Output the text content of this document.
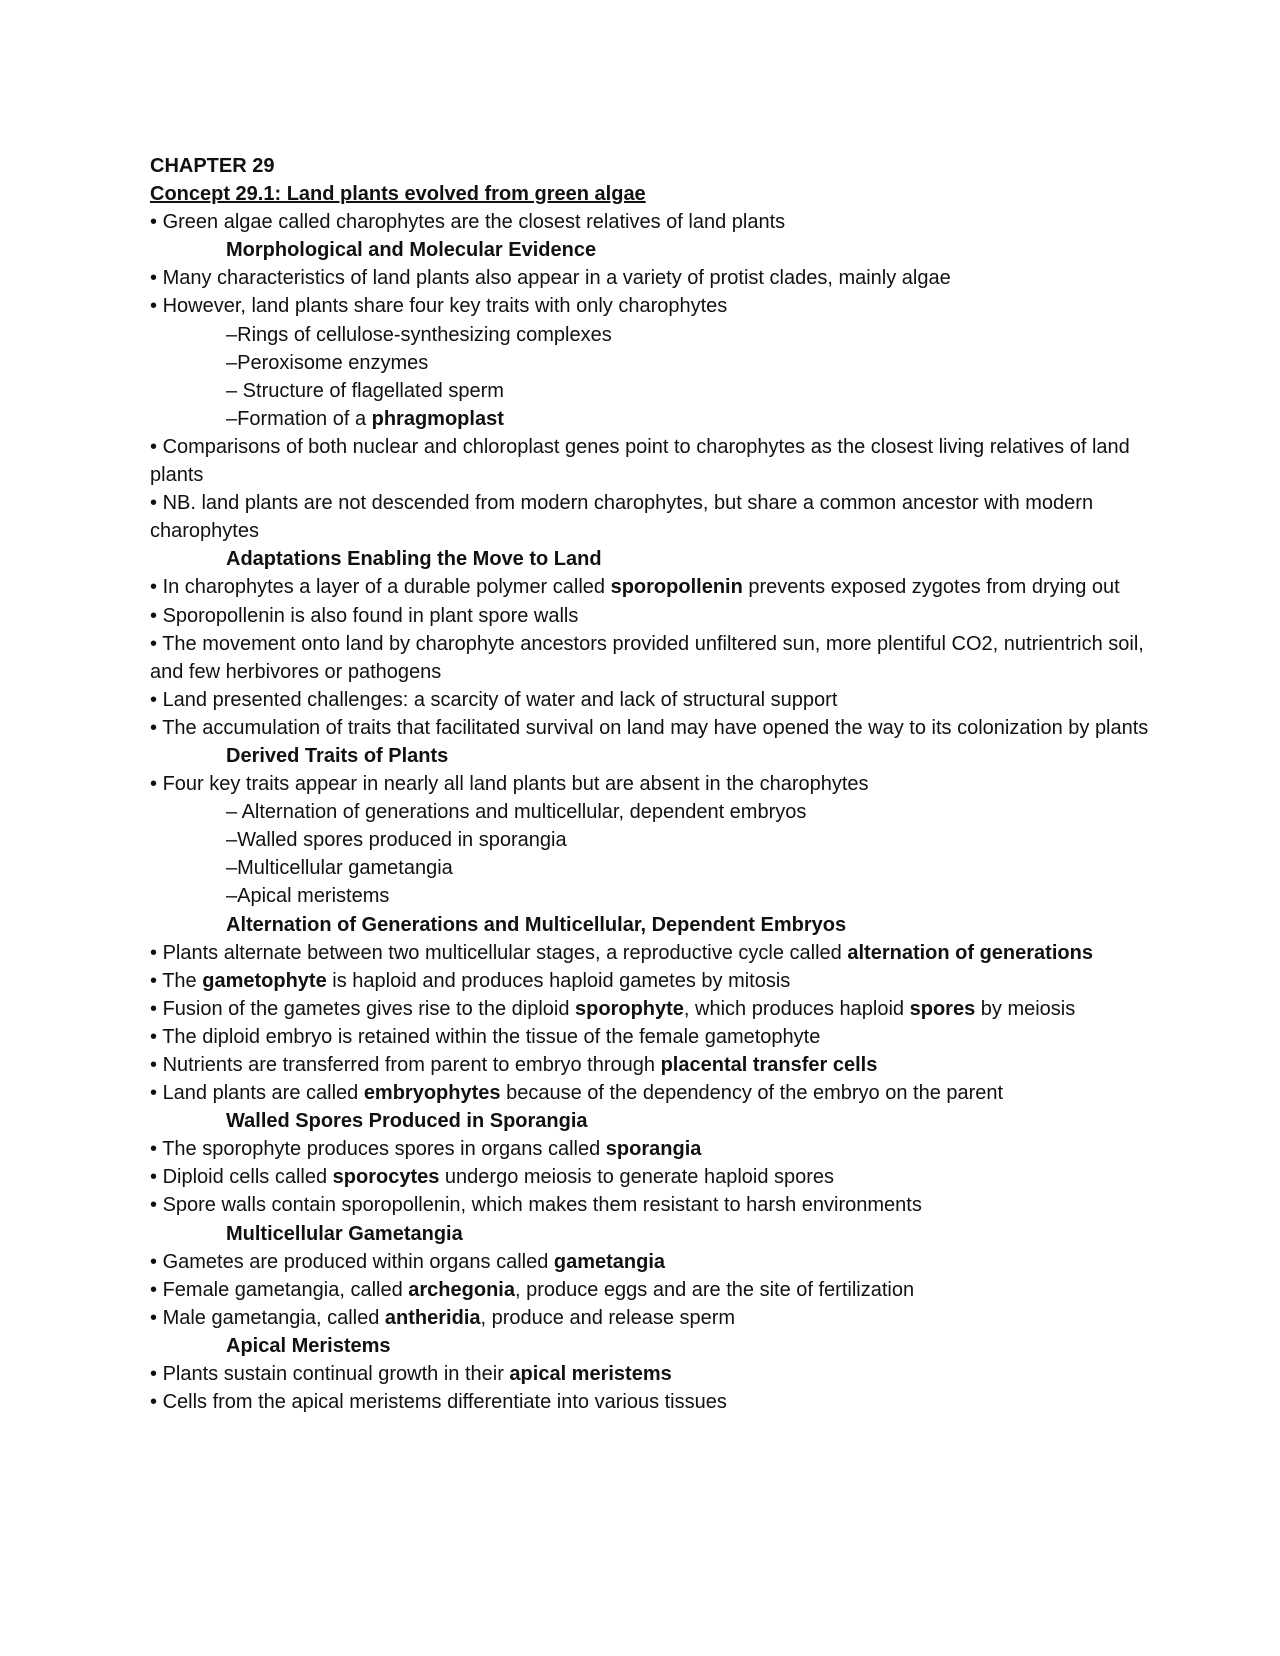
CHAPTER 29

Concept 29.1: Land plants evolved from green algae

• Green algae called charophytes are the closest relatives of land plants

Morphological and Molecular Evidence

• Many characteristics of land plants also appear in a variety of protist clades, mainly algae

• However, land plants share four key traits with only charophytes

–Rings of cellulose-synthesizing complexes

–Peroxisome enzymes

– Structure of flagellated sperm

–Formation of a phragmoplast

• Comparisons of both nuclear and chloroplast genes point to charophytes as the closest living relatives of land plants

• NB. land plants are not descended from modern charophytes, but share a common ancestor with modern charophytes

Adaptations Enabling the Move to Land

• In charophytes a layer of a durable polymer called sporopollenin prevents exposed zygotes from drying out

• Sporopollenin is also found in plant spore walls

• The movement onto land by charophyte ancestors provided unfiltered sun, more plentiful CO2, nutrientrich soil, and few herbivores or pathogens

• Land presented challenges: a scarcity of water and lack of structural support

• The accumulation of traits that facilitated survival on land may have opened the way to its colonization by plants

Derived Traits of Plants

• Four key traits appear in nearly all land plants but are absent in the charophytes

– Alternation of generations and multicellular, dependent embryos

–Walled spores produced in sporangia

–Multicellular gametangia

–Apical meristems

Alternation of Generations and Multicellular, Dependent Embryos

• Plants alternate between two multicellular stages, a reproductive cycle called alternation of generations

• The gametophyte is haploid and produces haploid gametes by mitosis

• Fusion of the gametes gives rise to the diploid sporophyte, which produces haploid spores by meiosis

• The diploid embryo is retained within the tissue of the female gametophyte

• Nutrients are transferred from parent to embryo through placental transfer cells

• Land plants are called embryophytes because of the dependency of the embryo on the parent

Walled Spores Produced in Sporangia

• The sporophyte produces spores in organs called sporangia

• Diploid cells called sporocytes undergo meiosis to generate haploid spores

• Spore walls contain sporopollenin, which makes them resistant to harsh environments

Multicellular Gametangia

• Gametes are produced within organs called gametangia

• Female gametangia, called archegonia, produce eggs and are the site of fertilization

• Male gametangia, called antheridia, produce and release sperm

Apical Meristems

• Plants sustain continual growth in their apical meristems

• Cells from the apical meristems differentiate into various tissues
